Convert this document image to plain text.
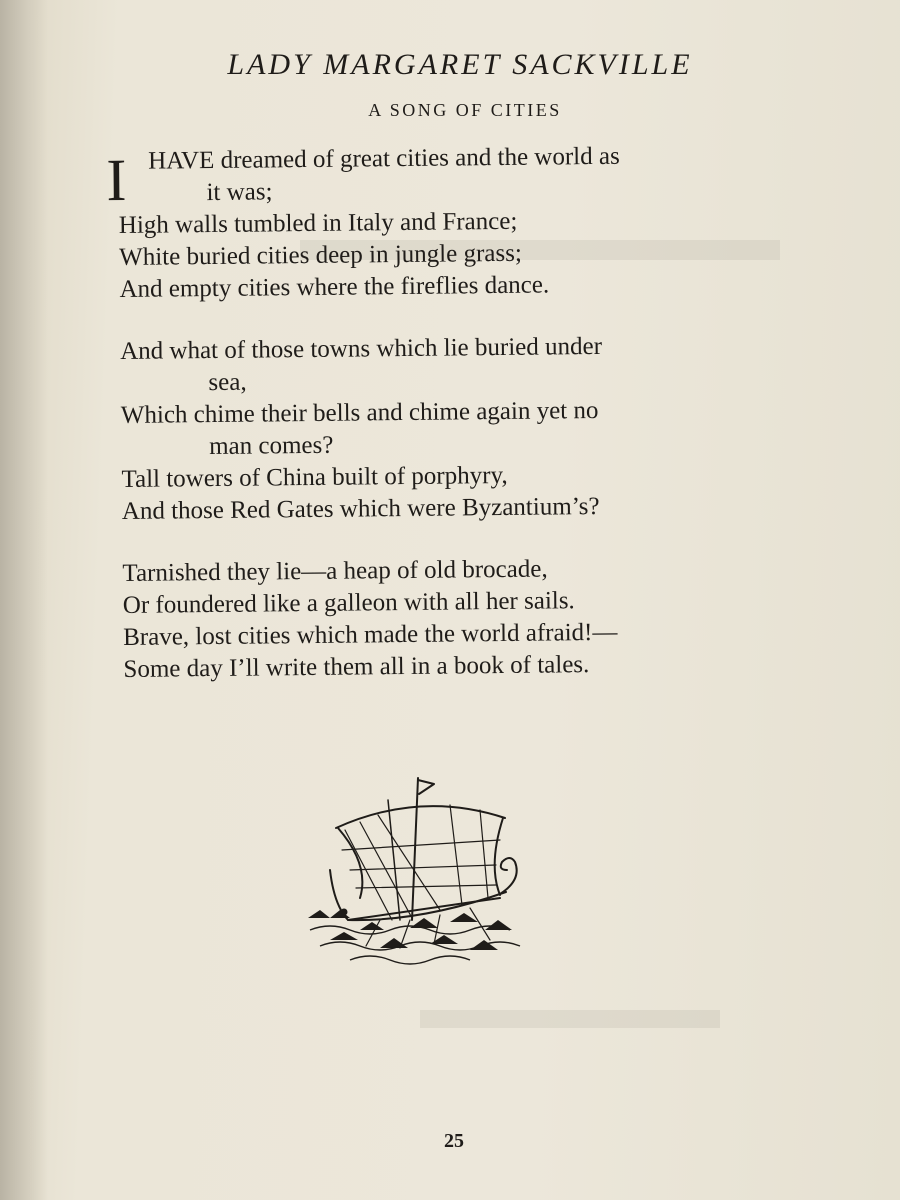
LADY MARGARET SACKVILLE
A SONG OF CITIES
I HAVE dreamed of great cities and the world as
it was;
High walls tumbled in Italy and France;
White buried cities deep in jungle grass;
And empty cities where the fireflies dance.
And what of those towns which lie buried under
sea,
Which chime their bells and chime again yet no
man comes?
Tall towers of China built of porphyry,
And those Red Gates which were Byzantium’s?
Tarnished they lie—a heap of old brocade,
Or foundered like a galleon with all her sails.
Brave, lost cities which made the world afraid!—
Some day I’ll write them all in a book of tales.
25
